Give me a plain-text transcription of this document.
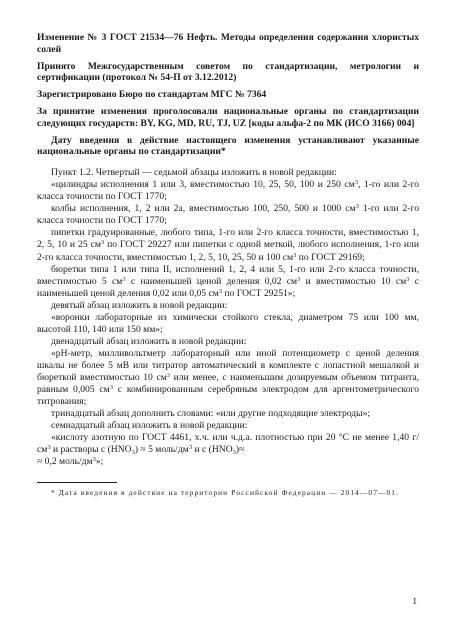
Изменение № 3 ГОСТ 21534—76 Нефть. Методы определения содержания хлористых солей

Принято Межгосударственным советом по стандартизации, метрологии и сертификации (протокол № 54-П от 3.12.2012)

Зарегистрировано Бюро по стандартам МГС № 7364

За принятие изменения проголосовали национальные органы по стандартизации следующих государств: BY, KG, MD, RU, TJ, UZ [коды альфа-2 по МК (ИСО 3166) 004]

Дату введения в действие настоящего изменения устанавливают указанные национальные органы по стандартизации*

Пункт 1.2. Четвертый — седьмой абзацы изложить в новой редакции:

«цилиндры исполнения 1 или 3, вместимостью 10, 25, 50, 100 и 250 $см^3$, 1-го или 2-го класса точности по ГОСТ 1770;

колбы исполнения, 1, 2 или 2а, вместимостью 100, 250, 500 и 1000 $см^3$ 1-го или 2-го класса точности по ГОСТ 1770;

пипетки градуированные, любого типа, 1-го или 2-го класса точности, вместимостью 1, 2, 5, 10 и 25 $см^3$ по ГОСТ 29227 или пипетки с одной меткой, любого исполнения, 1-го или 2-го класса точности, вместимостью 1, 2, 5, 10, 25, 50 и 100 $см^3$ по ГОСТ 29169;

бюретки типа 1 или типа II, исполнений 1, 2, 4 или 5, 1-го или 2-го класса точности, вместимостью 5 $см^3$ с наименьшей ценой деления 0,02 $см^3$ и вместимостью 10 $см^3$ с наименьшей ценой деления 0,02 или 0,05 $см^3$ по ГОСТ 29251»;

девятый абзац изложить в новой редакции:

«воронки лабораторные из химически стойкого стекла, диаметром 75 или 100 мм, высотой 110, 140 или 150 мм»;

двенадцатый абзац изложить в новой редакции:

«рН-метр, милливольтметр лабораторный или иной потенциометр с ценой деления шкалы не более 5 мВ или титратор автоматический в комплекте с лопастной мешалкой и бюреткой вместимостью 10 $см^3$ или менее, с наименьшим дозируемым объемом титранта, равным 0,005 $см^3$ с комбинированным серебряным электродом для аргентометрического титрования;

тринадцатый абзац дополнить словами: «или другие подходящие электроды»;

семнадцатый абзац изложить в новой редакции:

«кислоту азотную по ГОСТ 4461, х.ч. или ч.д.а. плотностью при 20 °С не менее 1,40 $г/см^3$ и растворы с $(HNO_3) \approx 5$ моль/$дм^3$ и с $(HNO_3)\approx$
≈ 0,2 моль/$дм^3$»;

* Дата введения в действие на территории Российской Федерации — 2014—07—01.

1
